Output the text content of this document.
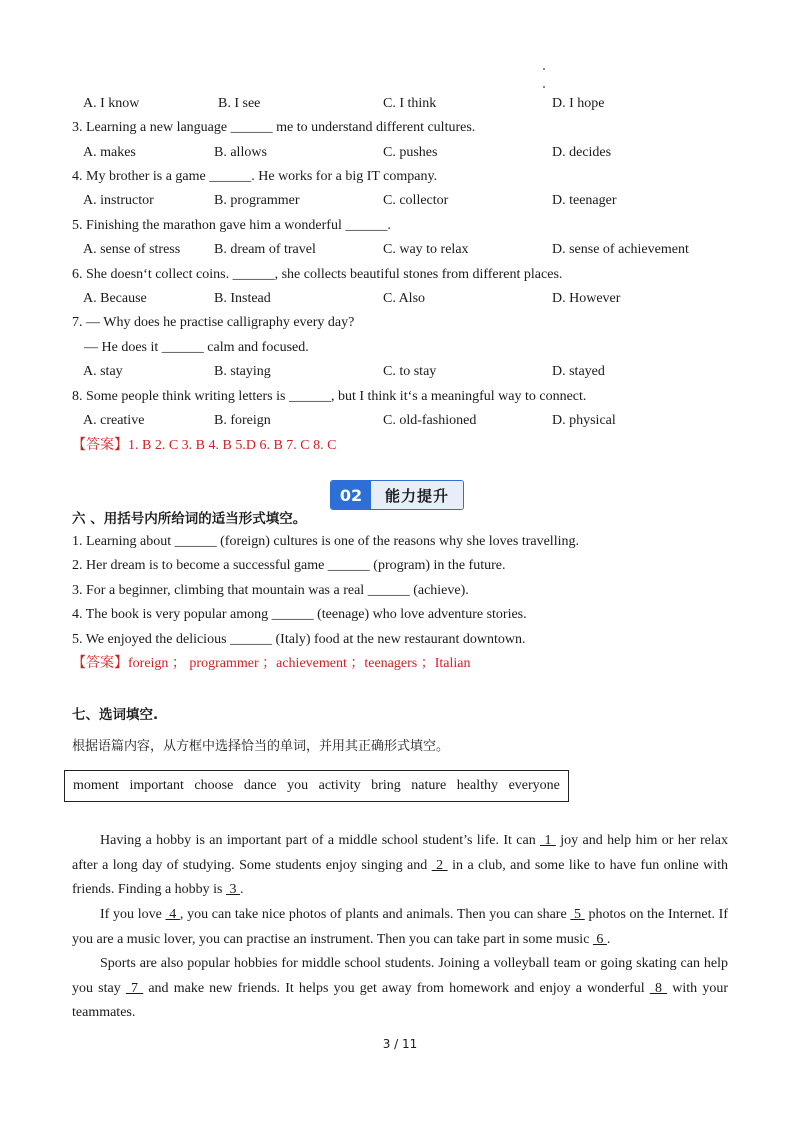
A. I know	B. I see	C. I think	D. I hope
3. Learning a new language ______ me to understand different cultures.
A. makes	B. allows	C. pushes	D. decides
4. My brother is a game ______. He works for a big IT company.
A. instructor	B. programmer	C. collector	D. teenager
5. Finishing the marathon gave him a wonderful ______.
A. sense of stress B. dream of travel	C. way to relax	D. sense of achievement
6. She doesn‘t collect coins. ______, she collects beautiful stones from different places.
A. Because	B. Instead	C. Also	D. However
7. — Why does he practise calligraphy every day?
— He does it ______ calm and focused.
A. stay	B. staying	C. to stay	D. stayed
8. Some people think writing letters is ______, but I think it‘s a meaningful way to connect.
A. creative	B. foreign	C. old-fashioned	D. physical
【答案】1. B 2. C 3. B 4. B 5.D 6. B 7. C 8. C
02	能力提升
六 、用括号内所给词的适当形式填空。
1. Learning about ______ (foreign) cultures is one of the reasons why she loves travelling.
2. Her dream is to become a successful game ______ (program) in the future.
3. For a beginner, climbing that mountain was a real ______ (achieve).
4. The book is very popular among ______ (teenage) who love adventure stories.
5. We enjoyed the delicious ______ (Italy) food at the new restaurant downtown.
【答案】foreign ； programmer ；achievement ；teenagers ；Italian
七、选词填空.
根据语篇内容，从方框中选择恰当的单词，并用其正确形式填空。
moment important choose dance you activity bring nature healthy everyone
Having a hobby is an important part of a middle school student’s life. It can  1  joy and help him or her relax after a long day of studying. Some students enjoy singing and  2  in a club, and some like to have fun online with friends. Finding a hobby is  3 .
If you love  4 , you can take nice photos of plants and animals. Then you can share  5  photos on the Internet. If you are a music lover, you can practise an instrument. Then you can take part in some music  6 .
Sports are also popular hobbies for middle school students. Joining a volleyball team or going skating can help you stay  7  and make new friends. It helps you get away from homework and enjoy a wonderful  8  with your teammates.
3 / 11
